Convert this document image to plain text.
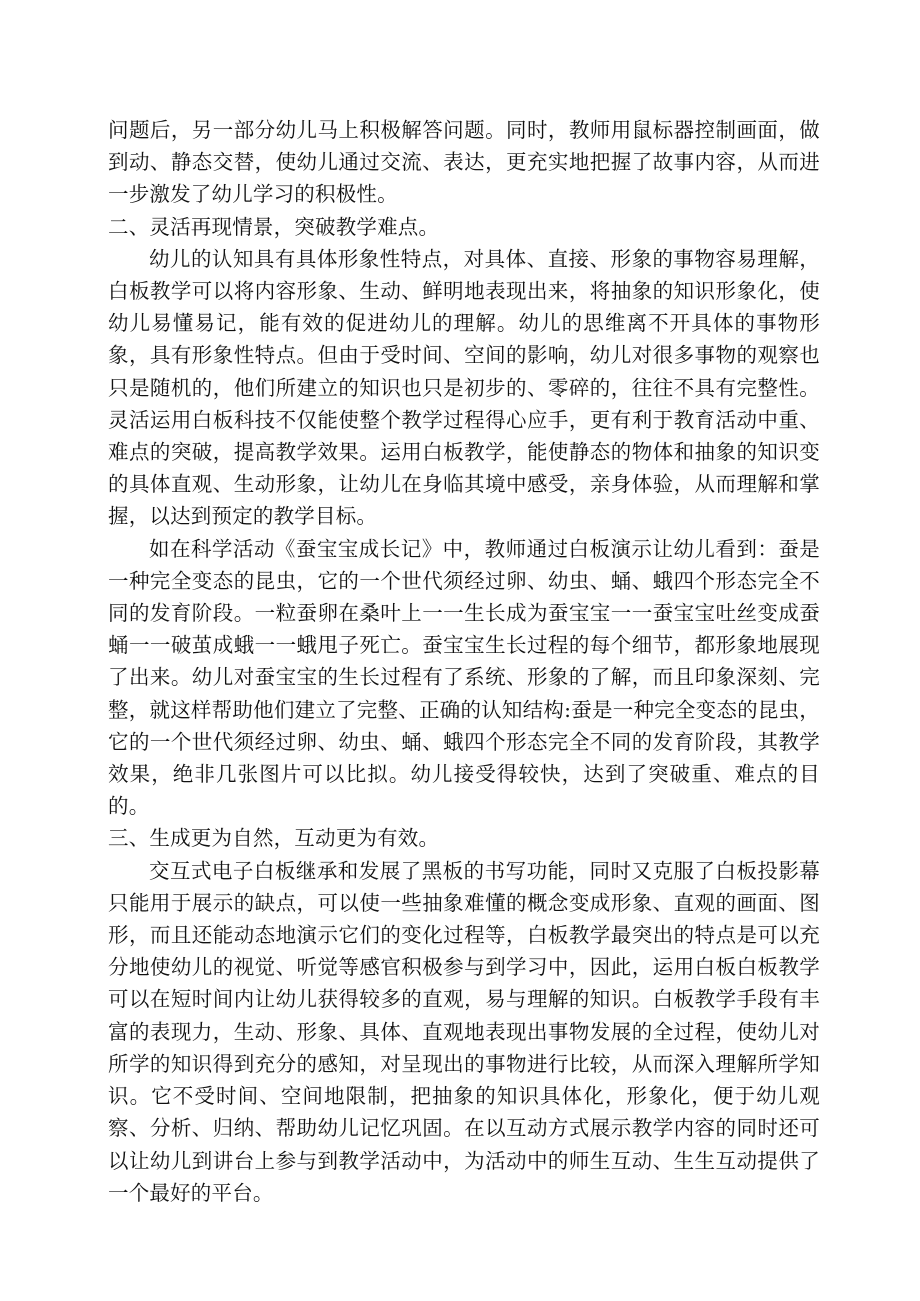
问题后，另一部分幼儿马上积极解答问题。同时，教师用鼠标器控制画面，做到动、静态交替，使幼儿通过交流、表达，更充实地把握了故事内容，从而进一步激发了幼儿学习的积极性。

二、灵活再现情景，突破教学难点。

幼儿的认知具有具体形象性特点，对具体、直接、形象的事物容易理解，白板教学可以将内容形象、生动、鲜明地表现出来，将抽象的知识形象化，使幼儿易懂易记，能有效的促进幼儿的理解。幼儿的思维离不开具体的事物形象，具有形象性特点。但由于受时间、空间的影响，幼儿对很多事物的观察也只是随机的，他们所建立的知识也只是初步的、零碎的，往往不具有完整性。灵活运用白板科技不仅能使整个教学过程得心应手，更有利于教育活动中重、难点的突破，提高教学效果。运用白板教学，能使静态的物体和抽象的知识变的具体直观、生动形象，让幼儿在身临其境中感受，亲身体验，从而理解和掌握，以达到预定的教学目标。

如在科学活动《蚕宝宝成长记》中，教师通过白板演示让幼儿看到：蚕是一种完全变态的昆虫，它的一个世代须经过卵、幼虫、蛹、蛾四个形态完全不同的发育阶段。一粒蚕卵在桑叶上一一生长成为蚕宝宝一一蚕宝宝吐丝变成蚕蛹一一破茧成蛾一一蛾甩子死亡。蚕宝宝生长过程的每个细节，都形象地展现了出来。幼儿对蚕宝宝的生长过程有了系统、形象的了解，而且印象深刻、完整，就这样帮助他们建立了完整、正确的认知结构:蚕是一种完全变态的昆虫，它的一个世代须经过卵、幼虫、蛹、蛾四个形态完全不同的发育阶段，其教学效果，绝非几张图片可以比拟。幼儿接受得较快，达到了突破重、难点的目的。

三、生成更为自然，互动更为有效。

交互式电子白板继承和发展了黑板的书写功能，同时又克服了白板投影幕只能用于展示的缺点，可以使一些抽象难懂的概念变成形象、直观的画面、图形，而且还能动态地演示它们的变化过程等，白板教学最突出的特点是可以充分地使幼儿的视觉、听觉等感官积极参与到学习中，因此，运用白板白板教学可以在短时间内让幼儿获得较多的直观，易与理解的知识。白板教学手段有丰富的表现力，生动、形象、具体、直观地表现出事物发展的全过程，使幼儿对所学的知识得到充分的感知，对呈现出的事物进行比较，从而深入理解所学知识。它不受时间、空间地限制，把抽象的知识具体化，形象化，便于幼儿观察、分析、归纳、帮助幼儿记忆巩固。在以互动方式展示教学内容的同时还可以让幼儿到讲台上参与到教学活动中，为活动中的师生互动、生生互动提供了一个最好的平台。
